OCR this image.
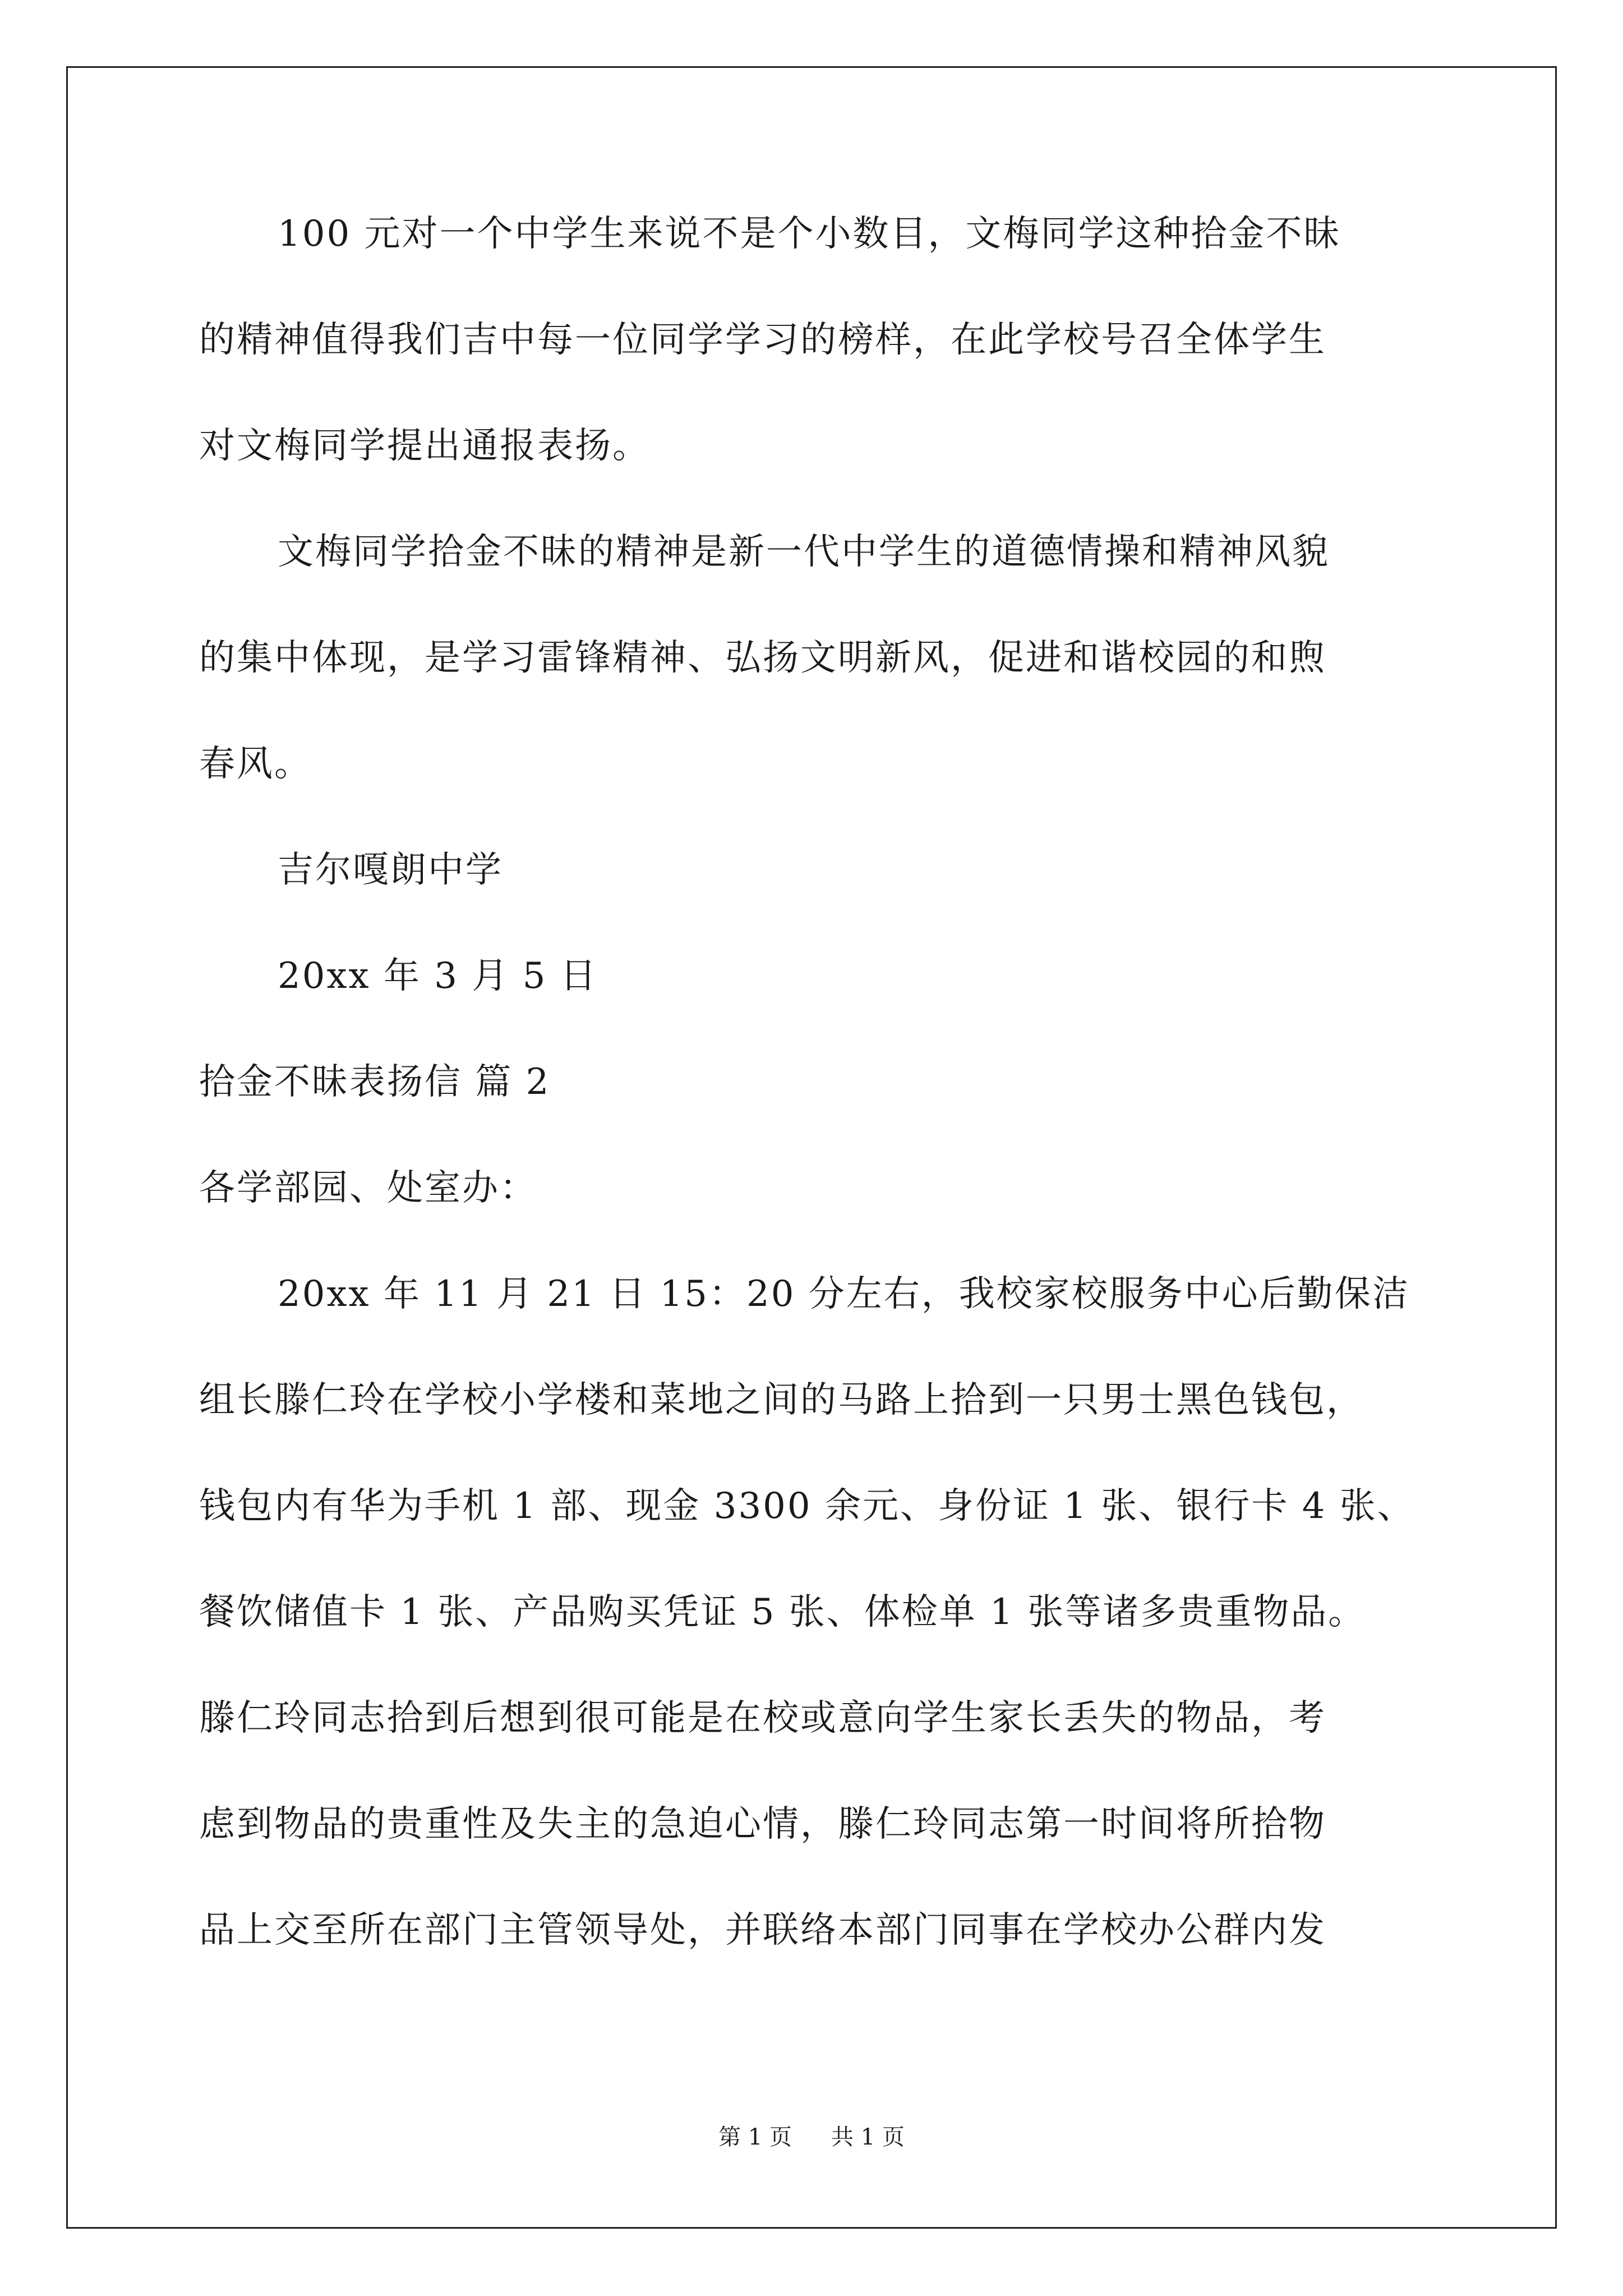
100 元对一个中学生来说不是个小数目，文梅同学这种拾金不昧
的精神值得我们吉中每一位同学学习的榜样，在此学校号召全体学生
对文梅同学提出通报表扬。
文梅同学拾金不昧的精神是新一代中学生的道德情操和精神风貌
的集中体现，是学习雷锋精神、弘扬文明新风，促进和谐校园的和煦
春风。
吉尔嘎朗中学
20xx 年 3 月 5 日
拾金不昧表扬信 篇 2
各学部园、处室办：
20xx 年 11 月 21 日 15：20 分左右，我校家校服务中心后勤保洁
组长滕仁玲在学校小学楼和菜地之间的马路上拾到一只男士黑色钱包，
钱包内有华为手机 1 部、现金 3300 余元、身份证 1 张、银行卡 4 张、
餐饮储值卡 1 张、产品购买凭证 5 张、体检单 1 张等诸多贵重物品。
滕仁玲同志拾到后想到很可能是在校或意向学生家长丢失的物品，考
虑到物品的贵重性及失主的急迫心情，滕仁玲同志第一时间将所拾物
品上交至所在部门主管领导处，并联络本部门同事在学校办公群内发
第 1 页 共 1 页
